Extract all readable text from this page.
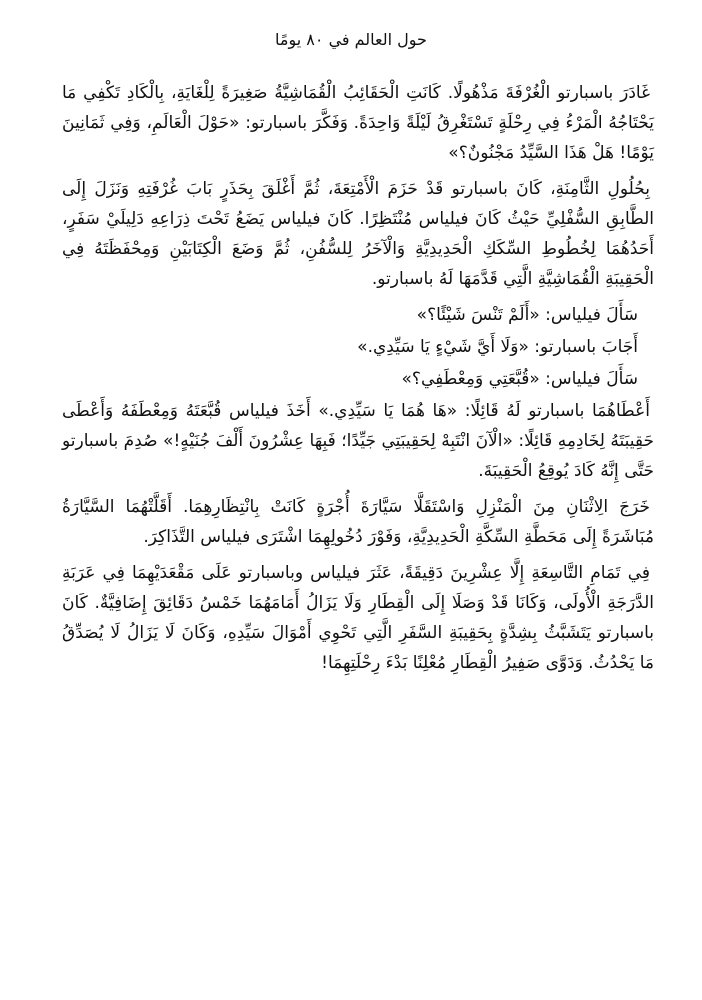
حول العالم في ٨٠ يومًا

غَادَرَ باسبارتو الْغُرْفَةَ مَذْهُولًا. كَانَتِ الْحَقَائِبُ الْقُمَاشِيَّةُ صَغِيرَةً لِلْغَايَةِ، بِالْكَادِ تَكْفِي مَا يَحْتَاجُهُ الْمَرْءُ فِي رِحْلَةٍ تَسْتَغْرِقُ لَيْلَةً وَاحِدَةً. وَفَكَّرَ باسبارتو: «حَوْلَ الْعَالَمِ، وَفِي ثَمَانِينَ يَوْمًا! هَلْ هَذَا السَّيِّدُ مَجْنُونٌ؟»

بِحُلُولِ الثَّامِنَةِ، كَانَ باسبارتو قَدْ حَزَمَ الْأَمْتِعَةَ، ثُمَّ أَغْلَقَ بِحَذَرٍ بَابَ غُرْفَتِهِ وَنَزَلَ إِلَى الطَّابِقِ السُّفْلِيِّ حَيْثُ كَانَ فيلياس مُنْتَظِرًا. كَانَ فيلياس يَضَعُ تَحْتَ ذِرَاعِهِ دَلِيلَيْ سَفَرٍ، أَحَدُهُمَا لِخُطُوطِ السِّكَكِ الْحَدِيدِيَّةِ وَالْآخَرُ لِلسُّفُنِ، ثُمَّ وَضَعَ الْكِتَابَيْنِ وَمِحْفَظَتَهُ فِي الْحَقِيبَةِ الْقُمَاشِيَّةِ الَّتِي قَدَّمَهَا لَهُ باسبارتو.

سَأَلَ فيلياس: «أَلَمْ تَنْسَ شَيْئًا؟»

أَجَابَ باسبارتو: «وَلَا أَيَّ شَيْءٍ يَا سَيِّدِي.»

سَأَلَ فيلياس: «قُبَّعَتِي وَمِعْطَفِي؟»

أَعْطَاهُمَا باسبارتو لَهُ قَائِلًا: «هَا هُمَا يَا سَيِّدِي.» أَخَذَ فيلياس قُبَّعَتَهُ وَمِعْطَفَهُ وَأَعْطَى حَقِيبَتَهُ لِخَادِمِهِ قَائِلًا: «الْآنَ انْتَبِهْ لِحَقِيبَتِي جَيِّدًا؛ فَبِهَا عِشْرُونَ أَلْفَ جُنَيْهٍ!» صُدِمَ باسبارتو حَتَّى إِنَّهُ كَادَ يُوقِعُ الْحَقِيبَةَ.

خَرَجَ الِاثْنَانِ مِنَ الْمَنْزِلِ وَاسْتَقَلَّا سَيَّارَةَ أُجْرَةٍ كَانَتْ بِانْتِظَارِهِمَا. أَقَلَّتْهُمَا السَّيَّارَةُ مُبَاشَرَةً إِلَى مَحَطَّةِ السِّكَّةِ الْحَدِيدِيَّةِ، وَفَوْرَ دُخُولِهِمَا اشْتَرَى فيلياس التَّذَاكِرَ.

فِي تَمَامِ التَّاسِعَةِ إِلَّا عِشْرِينَ دَقِيقَةً، عَثَرَ فيلياس وباسبارتو عَلَى مَقْعَدَيْهِمَا فِي عَرَبَةِ الدَّرَجَةِ الْأُولَى، وَكَانَا قَدْ وَصَلَا إِلَى الْقِطَارِ وَلَا يَزَالُ أَمَامَهُمَا خَمْسُ دَقَائِقَ إِضَافِيَّةٌ. كَانَ باسبارتو يَتَشَبَّثُ بِشِدَّةٍ بِحَقِيبَةِ السَّفَرِ الَّتِي تَحْوِي أَمْوَالَ سَيِّدِهِ، وَكَانَ لَا يَزَالُ لَا يُصَدِّقُ مَا يَحْدُثُ. وَدَوَّى صَفِيرُ الْقِطَارِ مُعْلِنًا بَدْءَ رِحْلَتِهِمَا!
